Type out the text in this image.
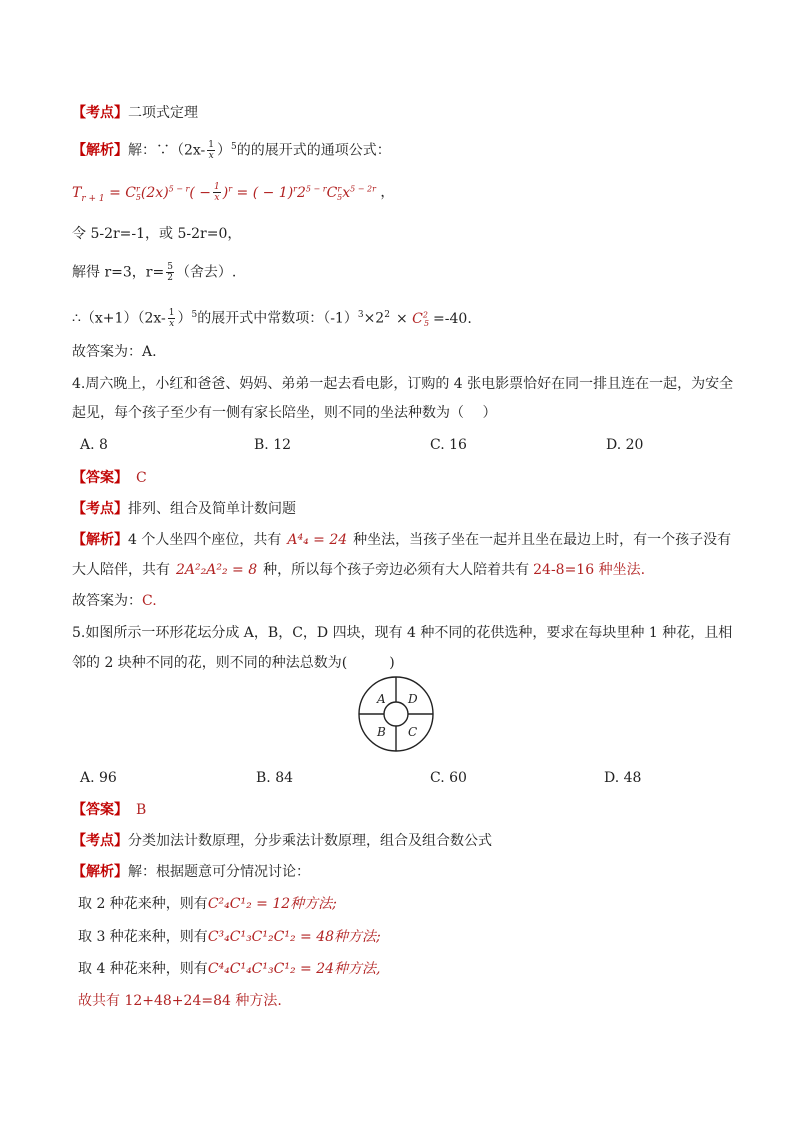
【考点】二项式定理
【解析】解：∵（2x- $\frac{1}{x} )^5$的的展开式的通项公式：
$T_{r + 1} = C^r_5(2x)^{5 - r}( - \frac{1}{x} )^r$ = ( − $1)^r2^{5 - r}C^r_5x^{5 - 2r}$ ，
令 5-2r=-1，或 5-2r=0，
解得 r=3，$r= \frac{5}{2}$ （舍去）.
∴（x+1）（2x- $\frac{1}{x} )^5$的展开式中常数项：$(-1)^3\times 2^2 \times C^2_5 =-40$.
故答案为：A.
4.周六晚上，小红和爸爸、妈妈、弟弟一起去看电影，订购的 4 张电影票恰好在同一排且连在一起，为安全
起见，每个孩子至少有一侧有家长陪坐，则不同的坐法种数为（　 ）
A. 8	B. 12	C. 16	D. 20
【答案】 C
【考点】排列、组合及简单计数问题
【解析】4 个人坐四个座位，共有 A⁴₄ = 24 种坐法，当孩子坐在一起并且坐在最边上时，有一个孩子没有
大人陪伴，共有 2A²₂A²₂ = 8 种，所以每个孩子旁边必须有大人陪着共有 24-8=16 种坐法.
故答案为：C.
5.如图所示一环形花坛分成 A，B，C，D 四块，现有 4 种不同的花供选种，要求在每块里种 1 种花，且相
邻的 2 块种不同的花，则不同的种法总数为(　　　)
A D
B C
A. 96	B. 84	C. 60	D. 48
【答案】 B
【考点】分类加法计数原理，分步乘法计数原理，组合及组合数公式
【解析】解：根据题意可分情况讨论：
取 2 种花来种，则有C²₄C¹₂ = 12种方法;
取 3 种花来种，则有C³₄C¹₃C¹₂C¹₂ = 48种方法;
取 4 种花来种，则有C⁴₄C¹₄C¹₃C¹₂ = 24种方法,
故共有 12+48+24=84 种方法.
